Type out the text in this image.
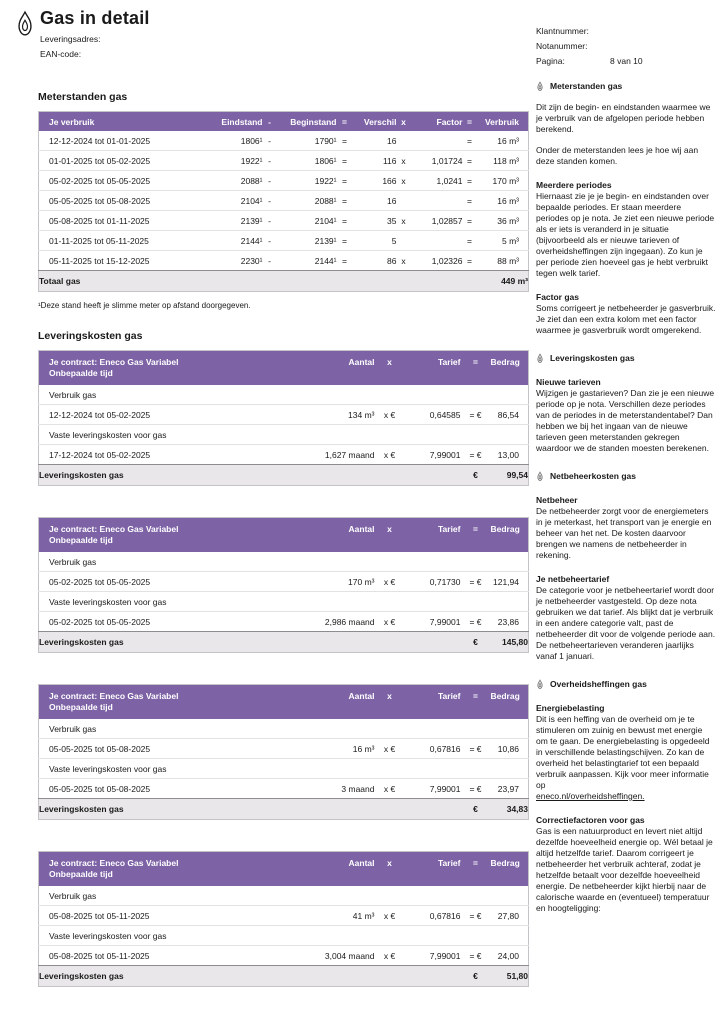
Gas in detail
Leveringsadres:
EAN-code:
Meterstanden gas
Je verbruik	Eindstand	-	Beginstand	=	Verschil	x	Factor	=	Verbruik
12-12-2024 tot 01-01-2025	1806¹	-	1790¹	=	16			=	16 m³
01-01-2025 tot 05-02-2025	1922¹	-	1806¹	=	116	x	1,01724	=	118 m³
05-02-2025 tot 05-05-2025	2088¹	-	1922¹	=	166	x	1,0241	=	170 m³
05-05-2025 tot 05-08-2025	2104¹	-	2088¹	=	16			=	16 m³
05-08-2025 tot 01-11-2025	2139¹	-	2104¹	=	35	x	1,02857	=	36 m³
01-11-2025 tot 05-11-2025	2144¹	-	2139¹	=	5			=	5 m³
05-11-2025 tot 15-12-2025	2230¹	-	2144¹	=	86	x	1,02326	=	88 m³
Totaal gas								449 m³	
¹Deze stand heeft je slimme meter op afstand doorgegeven.
Leveringskosten gas
Je contract: Eneco Gas Variabel
Onbepaalde tijd	Aantal	x	Tarief	=	Bedrag
Verbruik gas					
12-12-2024 tot 05-02-2025	134 m³	x €	0,64585	= €	86,54
Vaste leveringskosten voor gas					
17-12-2024 tot 05-02-2025	1,627 maand	x €	7,99001	= €	13,00
Leveringskosten gas				€	99,54
Je contract: Eneco Gas Variabel
Onbepaalde tijd	Aantal	x	Tarief	=	Bedrag
Verbruik gas					
05-02-2025 tot 05-05-2025	170 m³	x €	0,71730	= €	121,94
Vaste leveringskosten voor gas					
05-02-2025 tot 05-05-2025	2,986 maand	x €	7,99001	= €	23,86
Leveringskosten gas				€	145,80
Je contract: Eneco Gas Variabel
Onbepaalde tijd	Aantal	x	Tarief	=	Bedrag
Verbruik gas					
05-05-2025 tot 05-08-2025	16 m³	x €	0,67816	= €	10,86
Vaste leveringskosten voor gas					
05-05-2025 tot 05-08-2025	3 maand	x €	7,99001	= €	23,97
Leveringskosten gas				€	34,83
Je contract: Eneco Gas Variabel
Onbepaalde tijd	Aantal	x	Tarief	=	Bedrag
Verbruik gas					
05-08-2025 tot 05-11-2025	41 m³	x €	0,67816	= €	27,80
Vaste leveringskosten voor gas					
05-08-2025 tot 05-11-2025	3,004 maand	x €	7,99001	= €	24,00
Leveringskosten gas				€	51,80
Klantnummer:
Notanummer:
Pagina:	8 van 10
Meterstanden gas

Dit zijn de begin- en eindstanden waarmee we je verbruik van de afgelopen periode hebben berekend.

Onder de meterstanden lees je hoe wij aan deze standen komen.

Meerdere periodes

Hiernaast zie je je begin- en eindstanden over bepaalde periodes. Er staan meerdere periodes op je nota. Je ziet een nieuwe periode als er iets is veranderd in je situatie (bijvoorbeeld als er nieuwe tarieven of overheidsheffingen zijn ingegaan). Zo kun je per periode zien hoeveel gas je hebt verbruikt tegen welk tarief.

Factor gas

Soms corrigeert je netbeheerder je gasverbruik. Je ziet dan een extra kolom met een factor waarmee je gasverbruik wordt omgerekend.

Leveringskosten gas

Nieuwe tarieven

Wijzigen je gastarieven? Dan zie je een nieuwe periode op je nota. Verschillen deze periodes van de periodes in de meterstandentabel? Dan hebben we bij het ingaan van de nieuwe tarieven geen meterstanden gekregen waardoor we de standen moesten berekenen.

Netbeheerkosten gas

Netbeheer

De netbeheerder zorgt voor de energiemeters in je meterkast, het transport van je energie en beheer van het net. De kosten daarvoor brengen we namens de netbeheerder in rekening.

Je netbeheertarief

De categorie voor je netbeheertarief wordt door je netbeheerder vastgesteld. Op deze nota gebruiken we dat tarief. Als blijkt dat je verbruik in een andere categorie valt, past de netbeheerder dit voor de volgende periode aan. De netbeheertarieven veranderen jaarlijks vanaf 1 januari.

Overheidsheffingen gas

Energiebelasting

Dit is een heffing van de overheid om je te stimuleren om zuinig en bewust met energie om te gaan. De energiebelasting is opgedeeld in verschillende belastingschijven. Zo kan de overheid het belastingtarief tot een bepaald verbruik aanpassen. Kijk voor meer informatie op

eneco.nl/overheidsheffingen.

Correctiefactoren voor gas

Gas is een natuurproduct en levert niet altijd dezelfde hoeveelheid energie op. Wél betaal je altijd hetzelfde tarief. Daarom corrigeert je netbeheerder het verbruik achteraf, zodat je hetzelfde betaalt voor dezelfde hoeveelheid energie. De netbeheerder kijkt hierbij naar de calorische waarde en (eventueel) temperatuur en hoogteligging:
